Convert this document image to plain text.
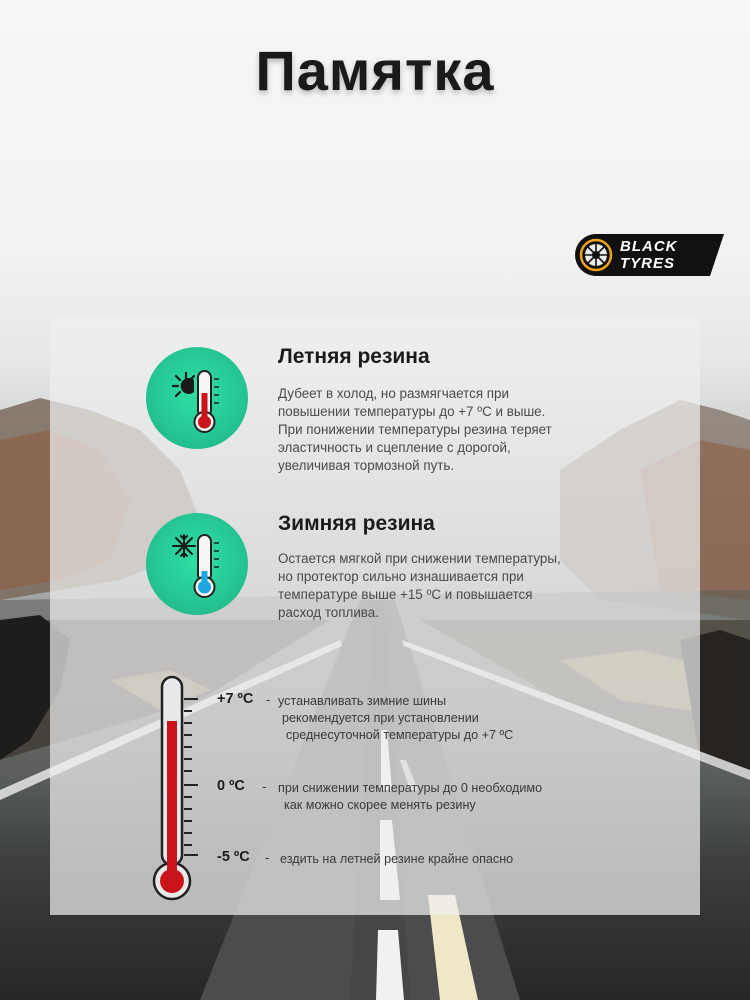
Памятка
BLACK
TYRES
Летняя резина
Дубеет в холод, но размягчается при
повышении температуры до +7 ºС и выше.
При понижении температуры резина теряет
эластичность и сцепление с дорогой,
увеличивая тормозной путь.
Зимняя резина
Остается мягкой при снижении температуры,
но протектор сильно изнашивается при
температуре выше +15 ºС и повышается
расход топлива.
+7 ºС - устанавливать зимние шины
рекомендуется при установлении
среднесуточной температуры до +7 ºС
0 ºС - при снижении температуры до 0 необходимо
как можно скорее менять резину
-5 ºС - ездить на летней резине крайне опасно
